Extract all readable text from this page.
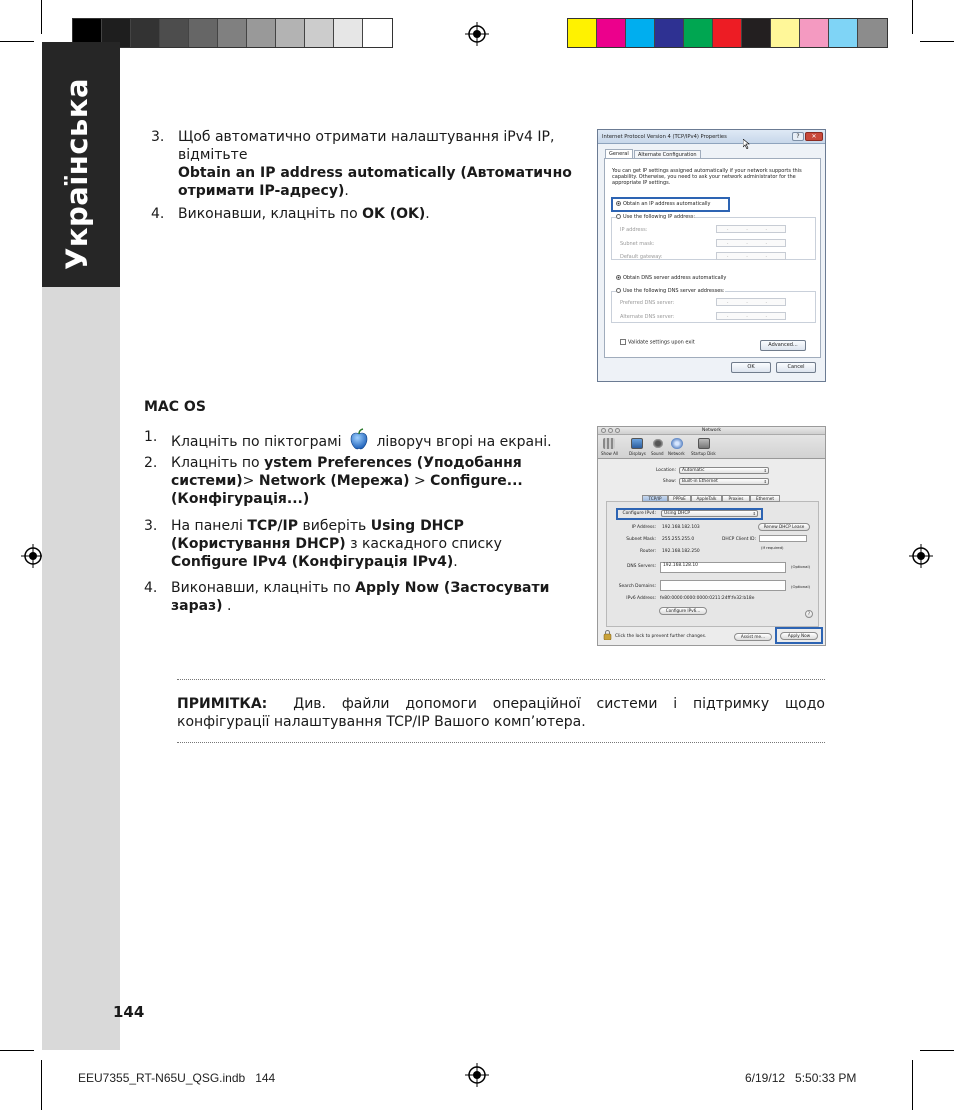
Українська	3. Щоб автоматично отримати налаштування iPv4 IP,
відмітьте
Obtain an IP address automatically (Автоматично отримати IP-адресу).
4. Виконавши, клацніть по OK (OK).
Internet Protocol Version 4 (TCP/IPv4) Properties	?	✕
General	Alternate Configuration
You can get IP settings assigned automatically if your network supports this capability. Otherwise, you need to ask your network administrator for the appropriate IP settings.
Obtain an IP address automatically
Use the following IP address:
IP address:	. . .
Subnet mask:	. . .
Default gateway:	. . .
Obtain DNS server address automatically
Use the following DNS server addresses:
Preferred DNS server:	. . .
Alternate DNS server:	. . .
Validate settings upon exit	Advanced...
OK	Cancel
MAC OS
1. Клацніть по піктограмі ліворуч вгорі на екрані.
2. Клацніть по ystem Preferences (Уподобання системи)> Network (Мережа) > Configure... (Конфігурація...)
3. На панелі TCP/IP виберіть Using DHCP (Користування DHCP) з каскадного списку Configure IPv4 (Конфігурація IPv4).
4. Виконавши, клацніть по Apply Now (Застосувати зараз) .
Network
Show All	Displays Sound Network Startup Disk
Location:	Automatic ⇕
Show:	Built-in Ethernet ⇕
TCP/IP	PPPoE	AppleTalk	Proxies	Ethernet
Configure IPv4:	Using DHCP ⇕
IP Address: 192.168.182.103	Renew DHCP Lease
Subnet Mask: 255.255.255.0	DHCP Client ID:
(If required)
Router: 192.168.182.250
DNS Servers:	192.168.128.10	(Optional)
Search Domains:	(Optional)
IPv6 Address: fe80:0000:0000:0000:0211:24ff:fe32:b18e
Configure IPv6...
?
Click the lock to prevent further changes.	Assist me...	Apply Now
ПРИМІТКА: Див. файли допомоги операційної системи і підтримку щодо конфігурації налаштування TCP/IP Вашого комп’ютера.
144
EEU7355_RT-N65U_QSG.indb   144	6/19/12   5:50:33 PM
